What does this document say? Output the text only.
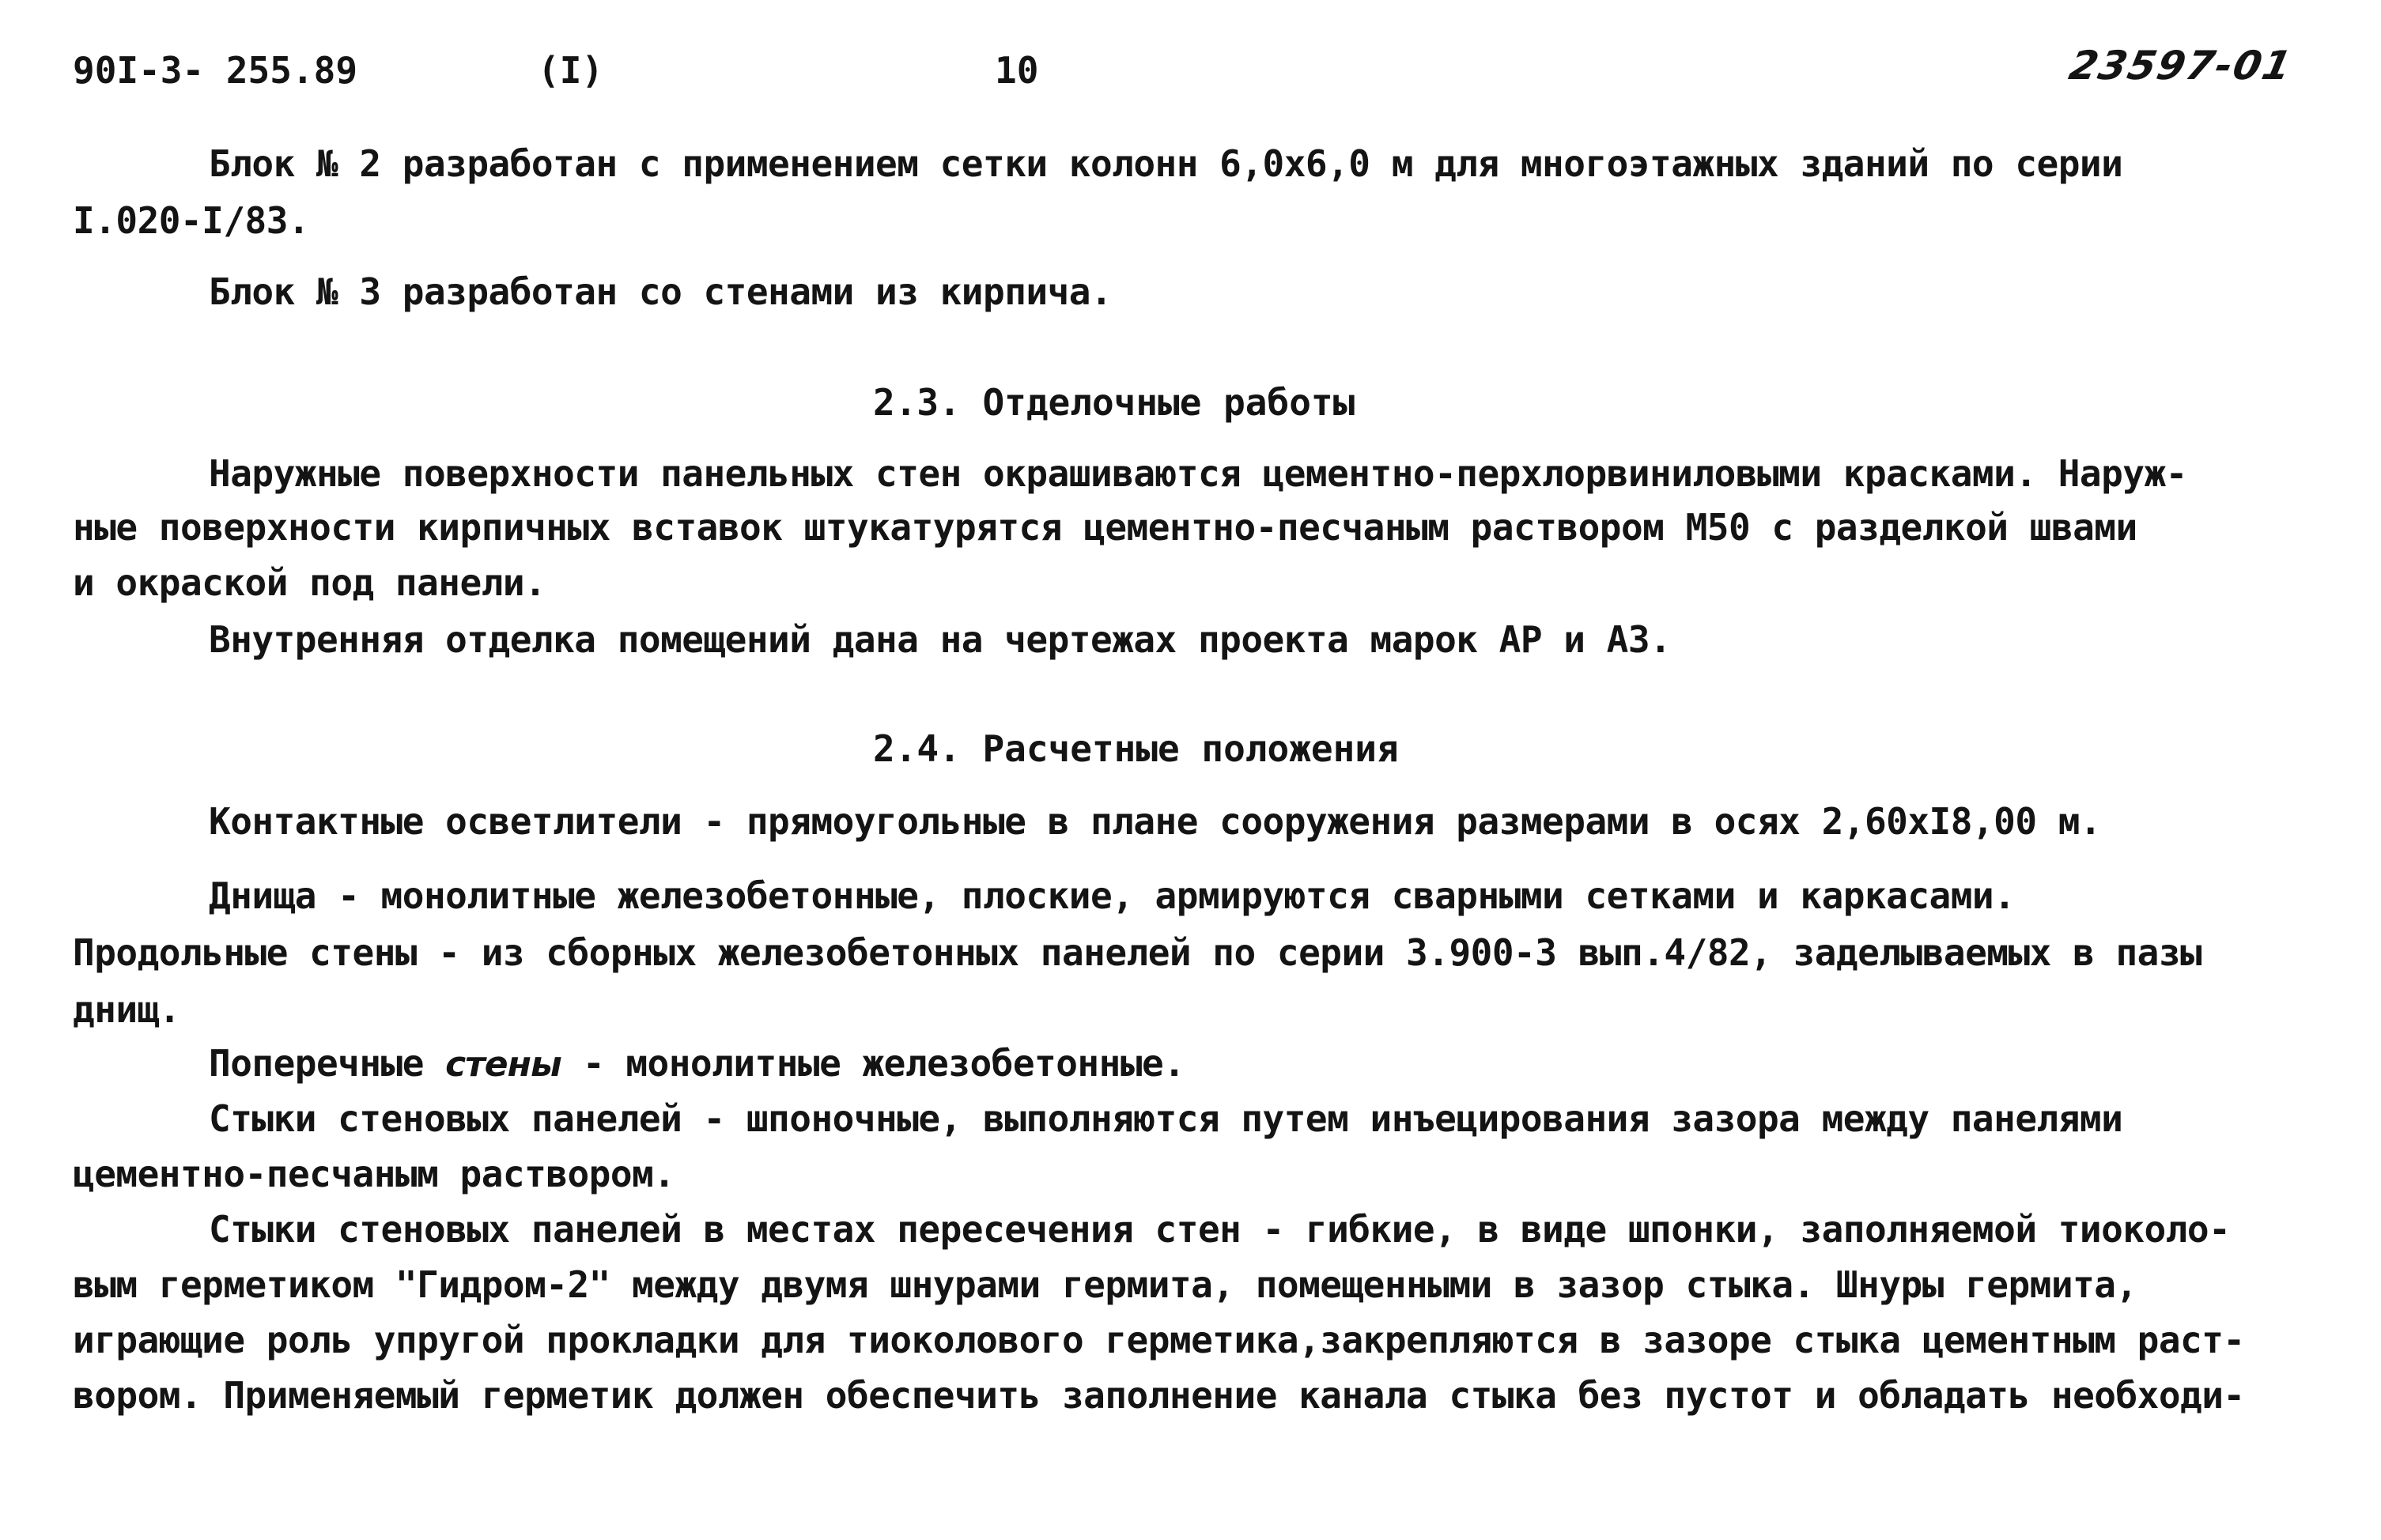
90I-3- 255.89	(I)	10	23597-01
Блок № 2 разработан с применением сетки колонн 6,0х6,0 м для многоэтажных зданий по серии
I.020-I/83.
Блок № 3 разработан со стенами из кирпича.
2.3. Отделочные работы
Наружные поверхности панельных стен окрашиваются цементно-перхлорвиниловыми красками. Наруж-
ные поверхности кирпичных вставок штукатурятся цементно-песчаным раствором М50 с разделкой швами
и окраской под панели.
Внутренняя отделка помещений дана на чертежах проекта марок АР и АЗ.
2.4. Расчетные положения
Контактные осветлители - прямоугольные в плане сооружения размерами в осях 2,60хI8,00 м.
Днища - монолитные железобетонные, плоские, армируются сварными сетками и каркасами.
Продольные стены - из сборных железобетонных панелей по серии 3.900-3 вып.4/82, заделываемых в пазы
днищ.
Поперечные стены - монолитные железобетонные.
Стыки стеновых панелей - шпоночные, выполняются путем инъецирования зазора между панелями
цементно-песчаным раствором.
Стыки стеновых панелей в местах пересечения стен - гибкие, в виде шпонки, заполняемой тиоколо-
вым герметиком "Гидром-2" между двумя шнурами гермита, помещенными в зазор стыка. Шнуры гермита,
играющие роль упругой прокладки для тиоколового герметика,закрепляются в зазоре стыка цементным раст-
вором. Применяемый герметик должен обеспечить заполнение канала стыка без пустот и обладать необходи-
